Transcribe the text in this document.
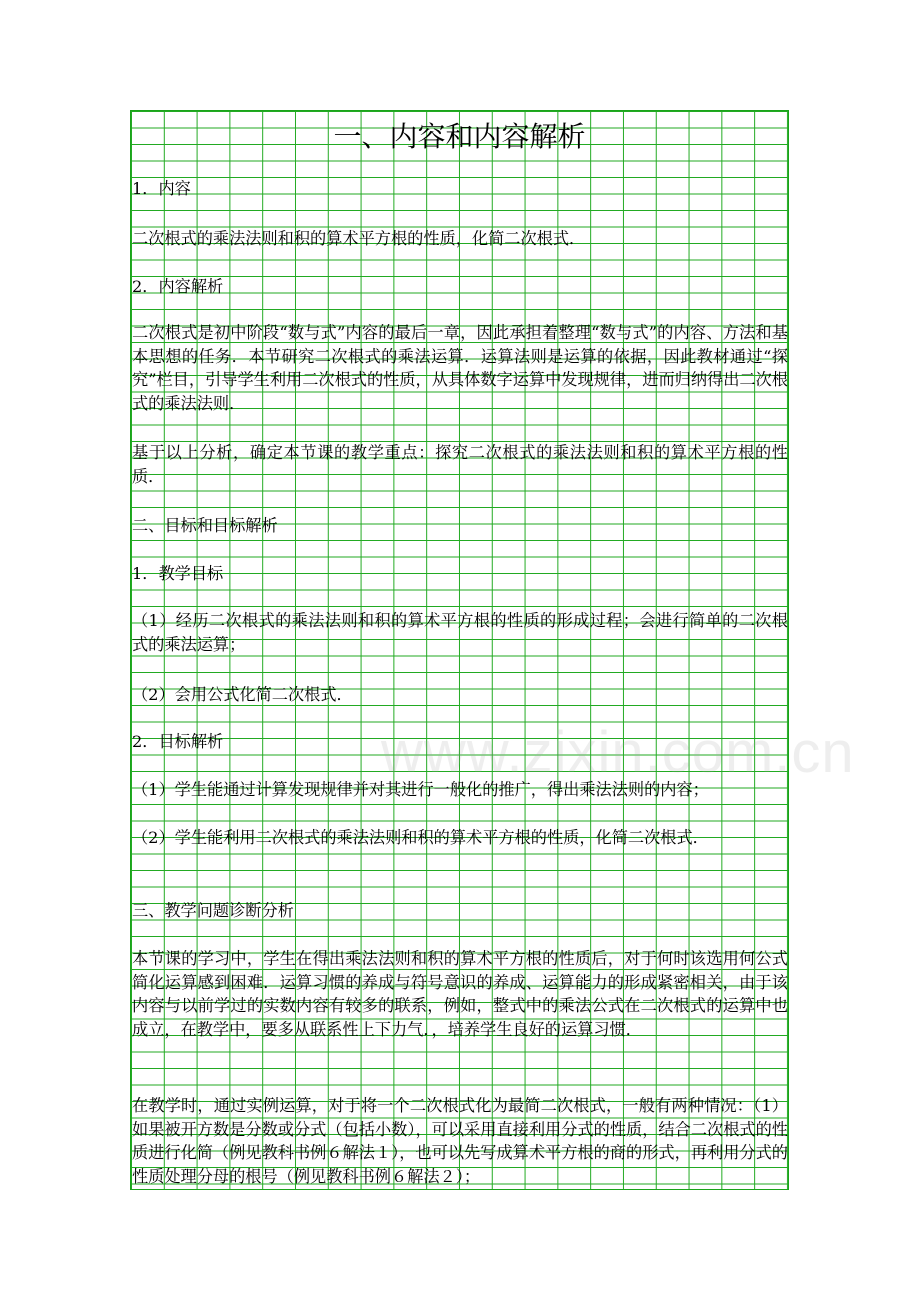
www.zixin.com.cn
一、内容和内容解析
1．内容
二次根式的乘法法则和积的算术平方根的性质，化简二次根式．
2．内容解析
二次根式是初中阶段“数与式”内容的最后一章，因此承担着整理“数与式”的内容、方法和基本思想的任务．本节研究二次根式的乘法运算．运算法则是运算的依据，因此教材通过“探究”栏目，引导学生利用二次根式的性质，从具体数字运算中发现规律，进而归纳得出二次根式的乘法法则．
基于以上分析，确定本节课的教学重点：探究二次根式的乘法法则和积的算术平方根的性质．
二、目标和目标解析
1．教学目标
（1）经历二次根式的乘法法则和积的算术平方根的性质的形成过程；会进行简单的二次根式的乘法运算；
（2）会用公式化简二次根式．
2．目标解析
（1）学生能通过计算发现规律并对其进行一般化的推广，得出乘法法则的内容；
（2）学生能利用二次根式的乘法法则和积的算术平方根的性质，化简二次根式．
三、教学问题诊断分析
本节课的学习中，学生在得出乘法法则和积的算术平方根的性质后，对于何时该选用何公式简化运算感到困难．运算习惯的养成与符号意识的养成、运算能力的形成紧密相关，由于该内容与以前学过的实数内容有较多的联系，例如，整式中的乘法公式在二次根式的运算中也成立，在教学中，要多从联系性上下力气．，培养学生良好的运算习惯．
在教学时，通过实例运算，对于将一个二次根式化为最简二次根式，一般有两种情况：（1）如果被开方数是分数或分式（包括小数），可以采用直接利用分式的性质，结合二次根式的性质进行化简（例见教科书例６解法１），也可以先写成算术平方根的商的形式，再利用分式的性质处理分母的根号（例见教科书例６解法２）；
